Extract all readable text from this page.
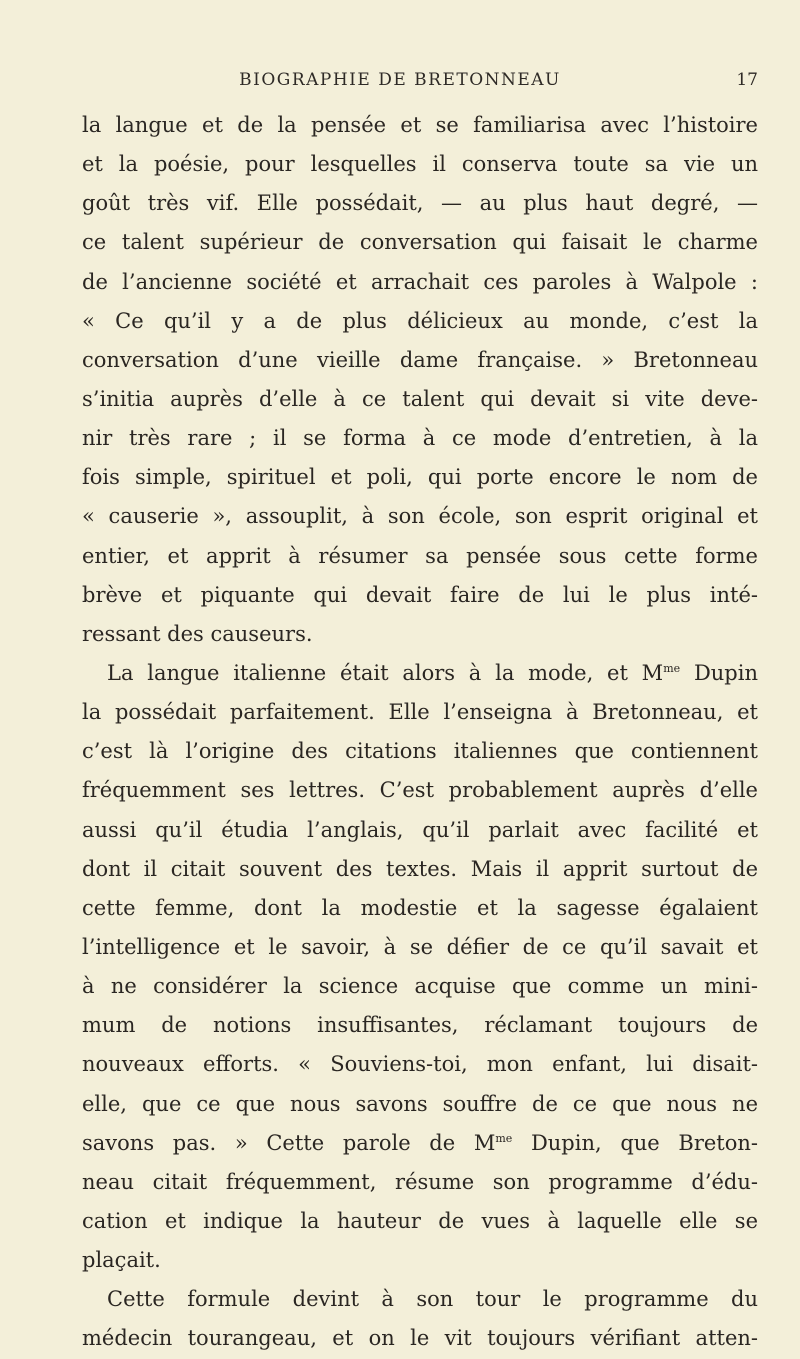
BIOGRAPHIE DE BRETONNEAU	17
la langue et de la pensée et se familiarisa avec l’histoire
et la poésie, pour lesquelles il conserva toute sa vie un
goût très vif. Elle possédait, — au plus haut degré, —
ce talent supérieur de conversation qui faisait le charme
de l’ancienne société et arrachait ces paroles à Walpole :
« Ce qu’il y a de plus délicieux au monde, c’est la
conversation d’une vieille dame française. » Bretonneau
s’initia auprès d’elle à ce talent qui devait si vite deve-
nir très rare ; il se forma à ce mode d’entretien, à la
fois simple, spirituel et poli, qui porte encore le nom de
« causerie », assouplit, à son école, son esprit original et
entier, et apprit à résumer sa pensée sous cette forme
brève et piquante qui devait faire de lui le plus inté-
ressant des causeurs.
La langue italienne était alors à la mode, et $M^{me}$ Dupin
la possédait parfaitement. Elle l’enseigna à Bretonneau, et
c’est là l’origine des citations italiennes que contiennent
fréquemment ses lettres. C’est probablement auprès d’elle
aussi qu’il étudia l’anglais, qu’il parlait avec facilité et
dont il citait souvent des textes. Mais il apprit surtout de
cette femme, dont la modestie et la sagesse égalaient
l’intelligence et le savoir, à se défier de ce qu’il savait et
à ne considérer la science acquise que comme un mini-
mum de notions insuffisantes, réclamant toujours de
nouveaux efforts. « Souviens-toi, mon enfant, lui disait-
elle, que ce que nous savons souffre de ce que nous ne
savons pas. » Cette parole de $M^{me}$ Dupin, que Breton-
neau citait fréquemment, résume son programme d’édu-
cation et indique la hauteur de vues à laquelle elle se
plaçait.
Cette formule devint à son tour le programme du
médecin tourangeau, et on le vit toujours vérifiant atten-
